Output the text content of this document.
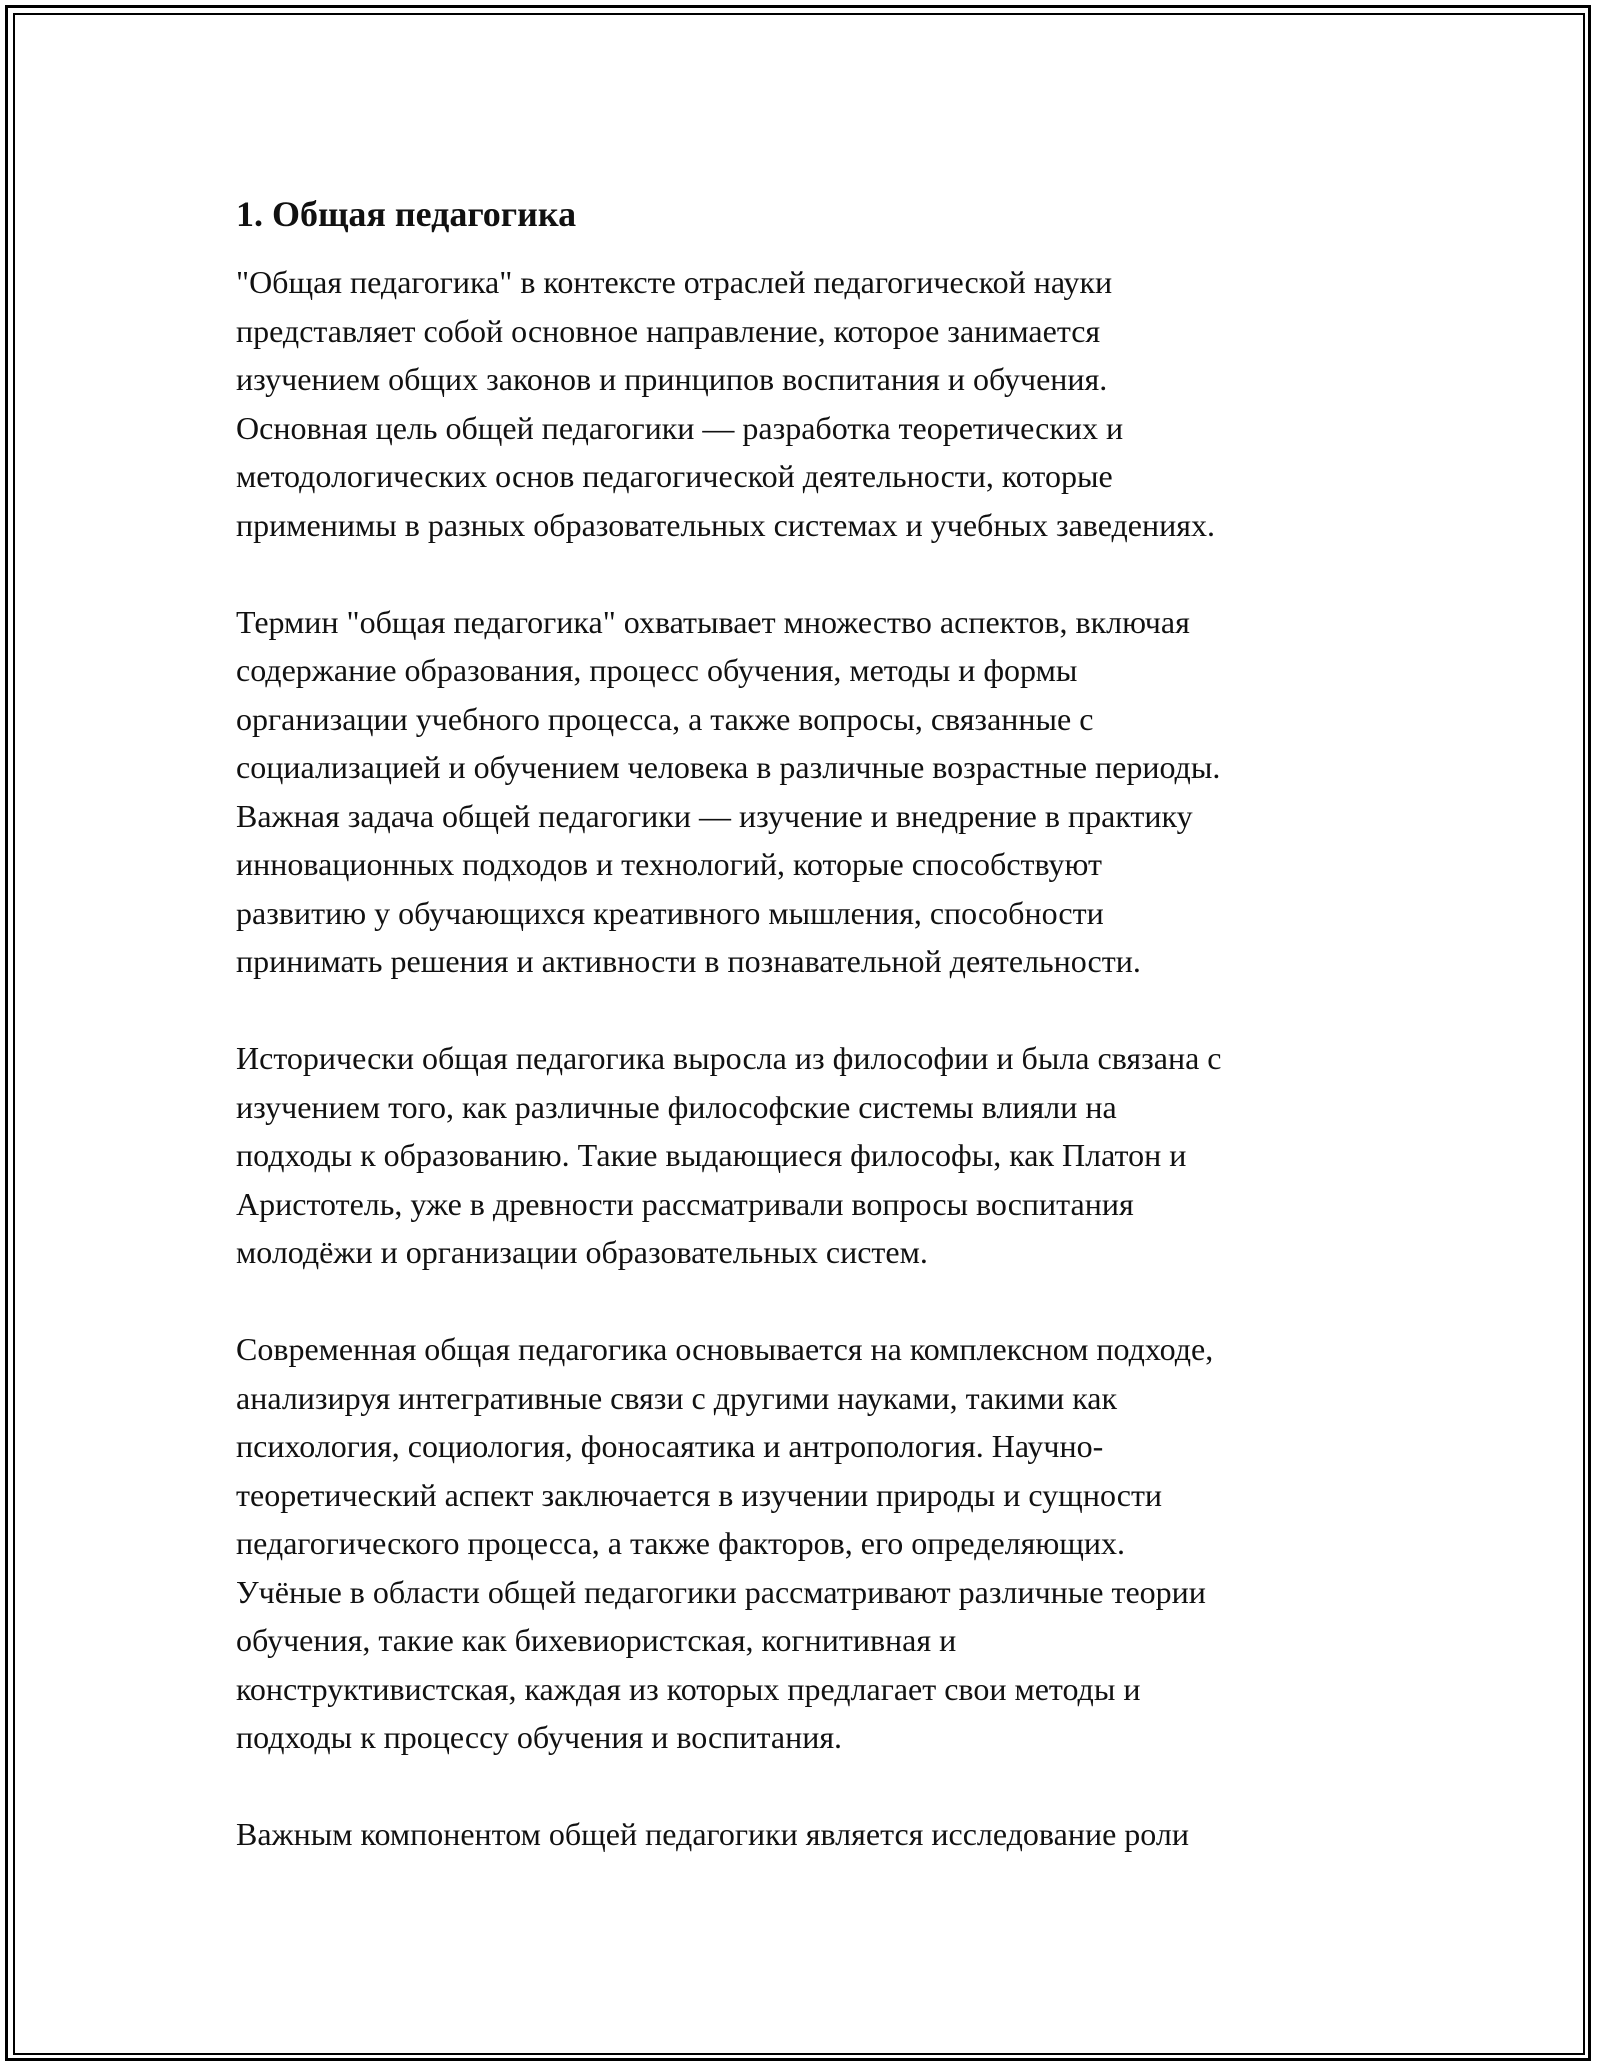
1. Общая педагогика
"Общая педагогика" в контексте отраслей педагогической науки
представляет собой основное направление, которое занимается
изучением общих законов и принципов воспитания и обучения.
Основная цель общей педагогики — разработка теоретических и
методологических основ педагогической деятельности, которые
применимы в разных образовательных системах и учебных заведениях.
Термин "общая педагогика" охватывает множество аспектов, включая
содержание образования, процесс обучения, методы и формы
организации учебного процесса, а также вопросы, связанные с
социализацией и обучением человека в различные возрастные периоды.
Важная задача общей педагогики — изучение и внедрение в практику
инновационных подходов и технологий, которые способствуют
развитию у обучающихся креативного мышления, способности
принимать решения и активности в познавательной деятельности.
Исторически общая педагогика выросла из философии и была связана с
изучением того, как различные философские системы влияли на
подходы к образованию. Такие выдающиеся философы, как Платон и
Аристотель, уже в древности рассматривали вопросы воспитания
молодёжи и организации образовательных систем.
Современная общая педагогика основывается на комплексном подходе,
анализируя интегративные связи с другими науками, такими как
психология, социология, фоносаятика и антропология. Научно-
теоретический аспект заключается в изучении природы и сущности
педагогического процесса, а также факторов, его определяющих.
Учёные в области общей педагогики рассматривают различные теории
обучения, такие как бихевиористская, когнитивная и
конструктивистская, каждая из которых предлагает свои методы и
подходы к процессу обучения и воспитания.
Важным компонентом общей педагогики является исследование роли
